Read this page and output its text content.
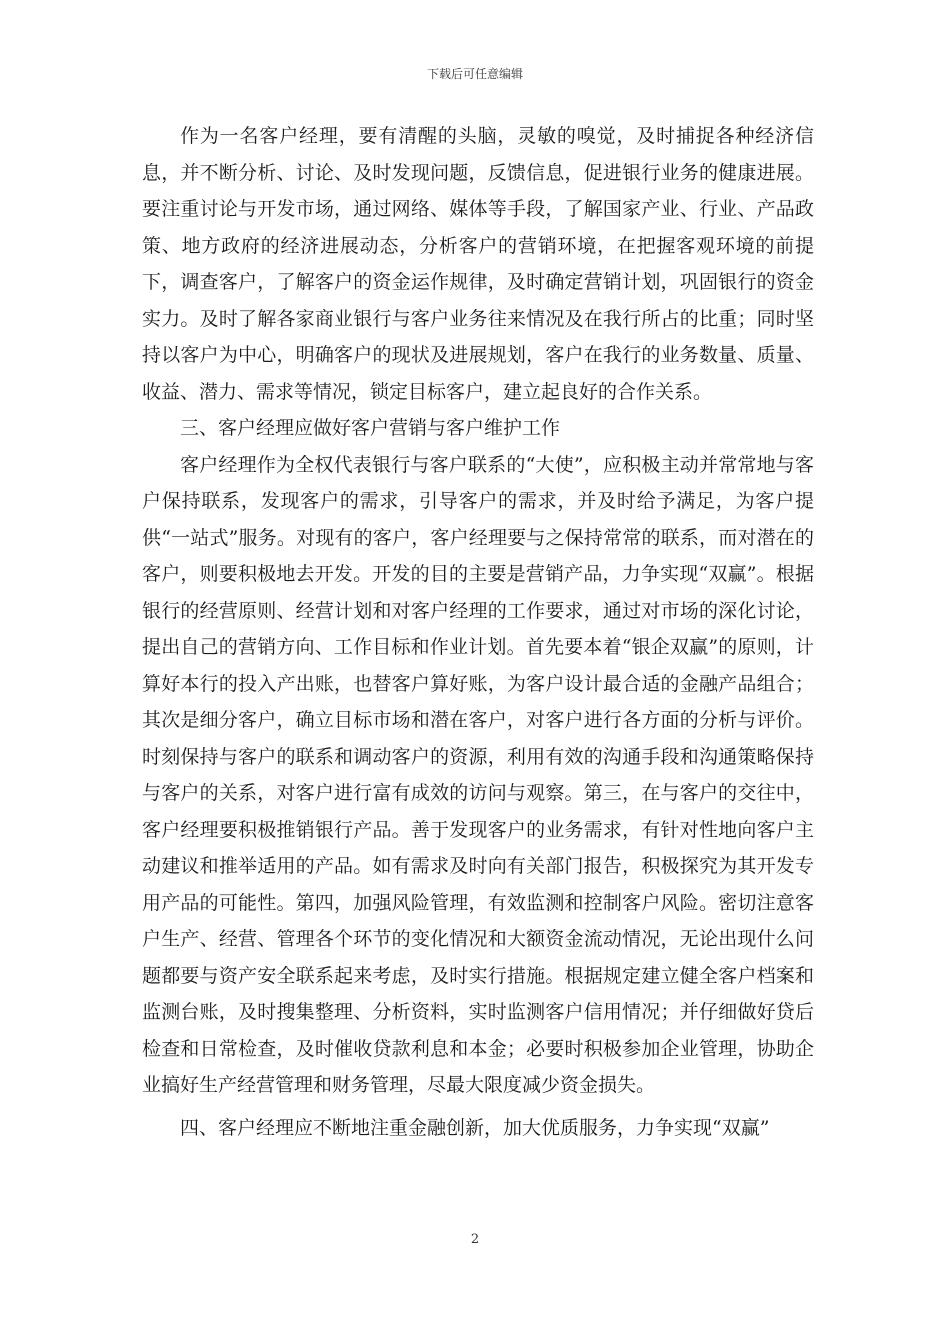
下载后可任意编辑

作为一名客户经理，要有清醒的头脑，灵敏的嗅觉，及时捕捉各种经济信息，并不断分析、讨论、及时发现问题，反馈信息，促进银行业务的健康进展。要注重讨论与开发市场，通过网络、媒体等手段，了解国家产业、行业、产品政策、地方政府的经济进展动态，分析客户的营销环境，在把握客观环境的前提下，调查客户，了解客户的资金运作规律，及时确定营销计划，巩固银行的资金实力。及时了解各家商业银行与客户业务往来情况及在我行所占的比重；同时坚持以客户为中心，明确客户的现状及进展规划，客户在我行的业务数量、质量、收益、潜力、需求等情况，锁定目标客户，建立起良好的合作关系。

三、客户经理应做好客户营销与客户维护工作

客户经理作为全权代表银行与客户联系的“大使”，应积极主动并常常地与客户保持联系，发现客户的需求，引导客户的需求，并及时给予满足，为客户提供“一站式”服务。对现有的客户，客户经理要与之保持常常的联系，而对潜在的客户，则要积极地去开发。开发的目的主要是营销产品，力争实现“双赢”。根据银行的经营原则、经营计划和对客户经理的工作要求，通过对市场的深化讨论，提出自己的营销方向、工作目标和作业计划。首先要本着“银企双赢”的原则，计算好本行的投入产出账，也替客户算好账，为客户设计最合适的金融产品组合；其次是细分客户，确立目标市场和潜在客户，对客户进行各方面的分析与评价。时刻保持与客户的联系和调动客户的资源，利用有效的沟通手段和沟通策略保持与客户的关系，对客户进行富有成效的访问与观察。第三，在与客户的交往中，客户经理要积极推销银行产品。善于发现客户的业务需求，有针对性地向客户主动建议和推举适用的产品。如有需求及时向有关部门报告，积极探究为其开发专用产品的可能性。第四，加强风险管理，有效监测和控制客户风险。密切注意客户生产、经营、管理各个环节的变化情况和大额资金流动情况，无论出现什么问题都要与资产安全联系起来考虑，及时实行措施。根据规定建立健全客户档案和监测台账，及时搜集整理、分析资料，实时监测客户信用情况；并仔细做好贷后检查和日常检查，及时催收贷款利息和本金；必要时积极参加企业管理，协助企业搞好生产经营管理和财务管理，尽最大限度减少资金损失。

四、客户经理应不断地注重金融创新，加大优质服务，力争实现“双赢”

2
